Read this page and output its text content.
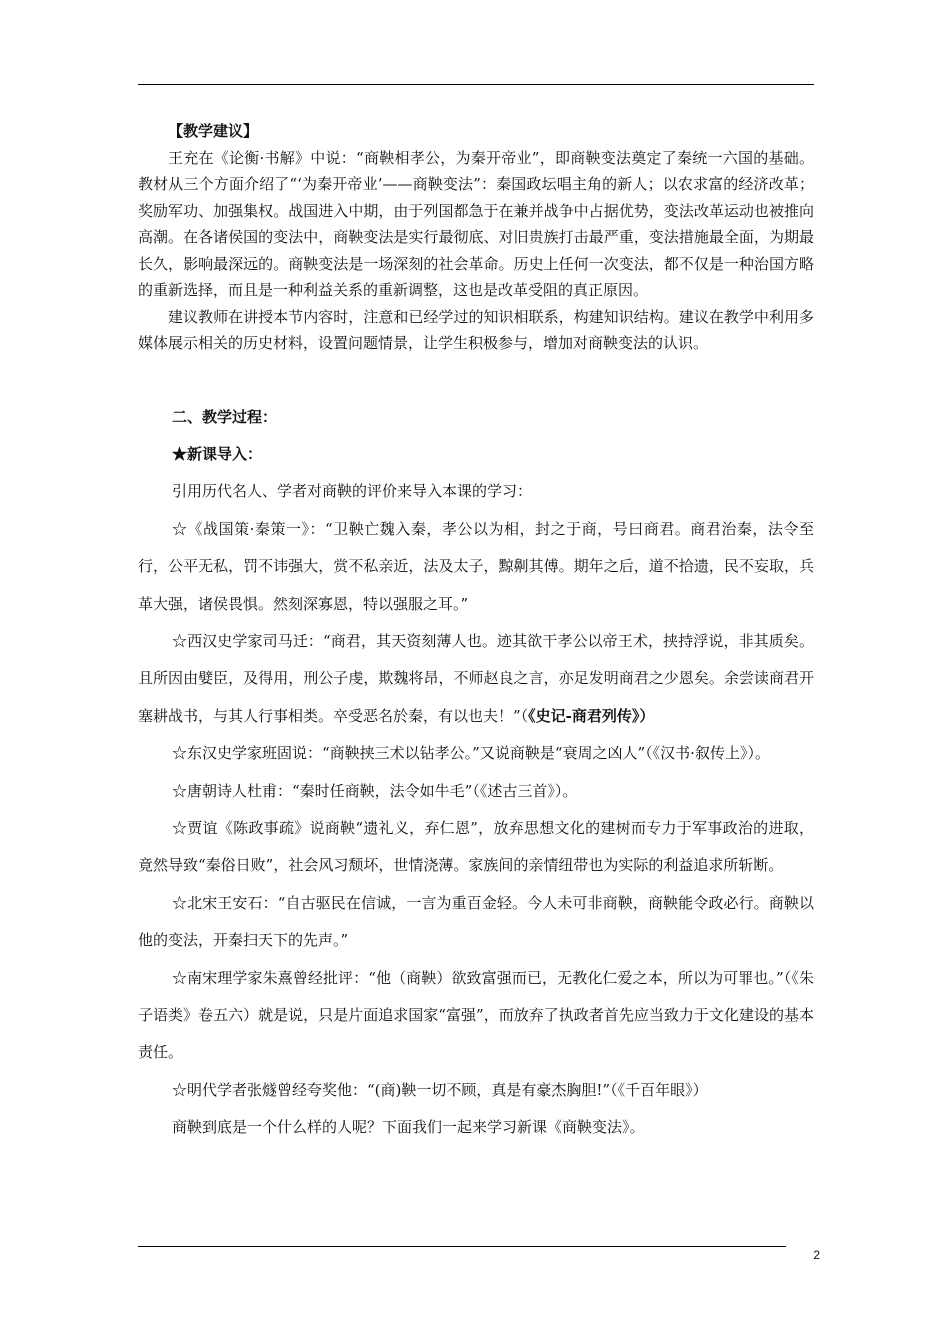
【教学建议】

王充在《论衡·书解》中说：“商鞅相孝公，为秦开帝业”，即商鞅变法奠定了秦统一六国的基础。教材从三个方面介绍了“‘为秦开帝业’——商鞅变法”：秦国政坛唱主角的新人；以农求富的经济改革；奖励军功、加强集权。战国进入中期，由于列国都急于在兼并战争中占据优势，变法改革运动也被推向高潮。在各诸侯国的变法中，商鞅变法是实行最彻底、对旧贵族打击最严重，变法措施最全面，为期最长久，影响最深远的。商鞅变法是一场深刻的社会革命。历史上任何一次变法，都不仅是一种治国方略的重新选择，而且是一种利益关系的重新调整，这也是改革受阻的真正原因。

建议教师在讲授本节内容时，注意和已经学过的知识相联系，构建知识结构。建议在教学中利用多媒体展示相关的历史材料，设置问题情景，让学生积极参与，增加对商鞅变法的认识。

二、教学过程：
★新课导入：

引用历代名人、学者对商鞅的评价来导入本课的学习：

☆《战国策·秦策一》：“卫鞅亡魏入秦，孝公以为相，封之于商，号曰商君。商君治秦，法令至行，公平无私，罚不讳强大，赏不私亲近，法及太子，黥劓其傅。期年之后，道不拾遗，民不妄取，兵革大强，诸侯畏惧。然刻深寡恩，特以强服之耳。”

☆西汉史学家司马迁：“商君，其天资刻薄人也。迹其欲干孝公以帝王术，挟持浮说，非其质矣。且所因由嬖臣，及得用，刑公子虔，欺魏将昂，不师赵良之言，亦足发明商君之少恩矣。余尝读商君开塞耕战书，与其人行事相类。卒受恶名於秦，有以也夫！”（《史记-商君列传》）

☆东汉史学家班固说：“商鞅挟三术以钻孝公。”又说商鞅是“衰周之凶人”（《汉书·叙传上》）。

☆唐朝诗人杜甫：“秦时任商鞅，法令如牛毛”（《述古三首》）。

☆贾谊《陈政事疏》说商鞅“遗礼义，弃仁恩”，放弃思想文化的建树而专力于军事政治的进取，竟然导致“秦俗日败”，社会风习颓坏，世情浇薄。家族间的亲情纽带也为实际的利益追求所斩断。

☆北宋王安石：“自古驱民在信诚，一言为重百金轻。今人未可非商鞅，商鞅能令政必行。商鞅以他的变法，开秦扫天下的先声。”

☆南宋理学家朱熹曾经批评：“他（商鞅）欲致富强而已，无教化仁爱之本，所以为可罪也。”（《朱子语类》卷五六）就是说，只是片面追求国家“富强”，而放弃了执政者首先应当致力于文化建设的基本责任。

☆明代学者张燧曾经夸奖他：“(商)鞅一切不顾，真是有豪杰胸胆!”（《千百年眼》）

商鞅到底是一个什么样的人呢？下面我们一起来学习新课《商鞅变法》。

2
